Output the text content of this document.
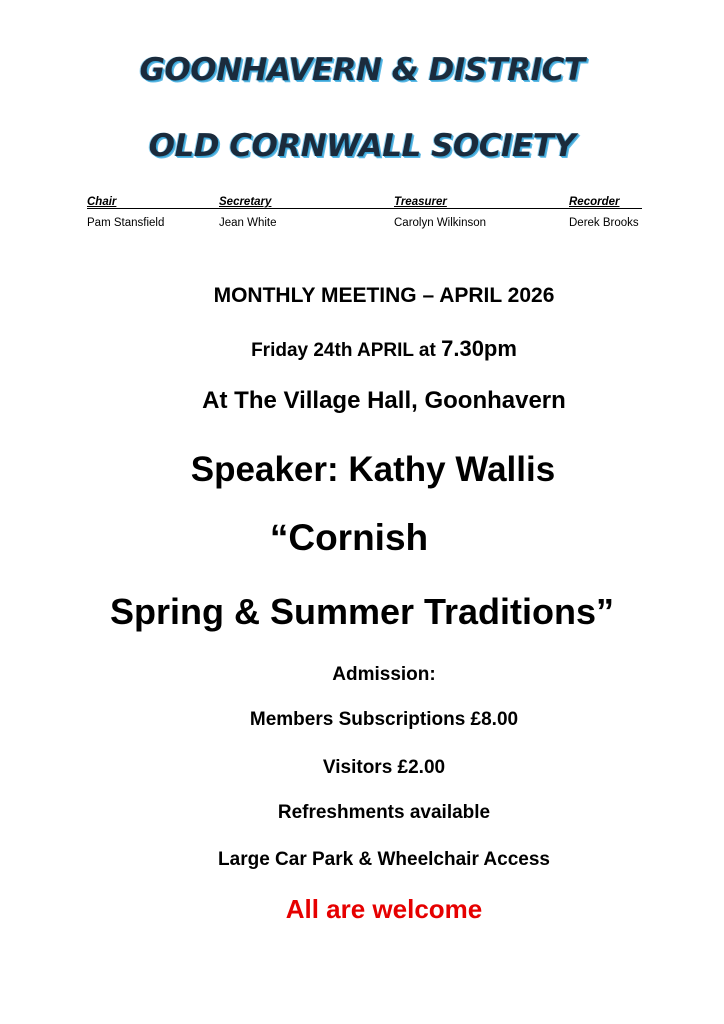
GOONHAVERN & DISTRICT
OLD CORNWALL SOCIETY
Chair
Pam Stansfield
Secretary
Jean White
Treasurer
Carolyn Wilkinson
Recorder
Derek Brooks
MONTHLY MEETING – APRIL 2026
Friday 24th APRIL at 7.30pm
At The Village Hall, Goonhavern
Speaker: Kathy Wallis
“Cornish
Spring & Summer Traditions”
Admission:
Members Subscriptions £8.00
Visitors £2.00
Refreshments available
Large Car Park & Wheelchair Access
All are welcome
